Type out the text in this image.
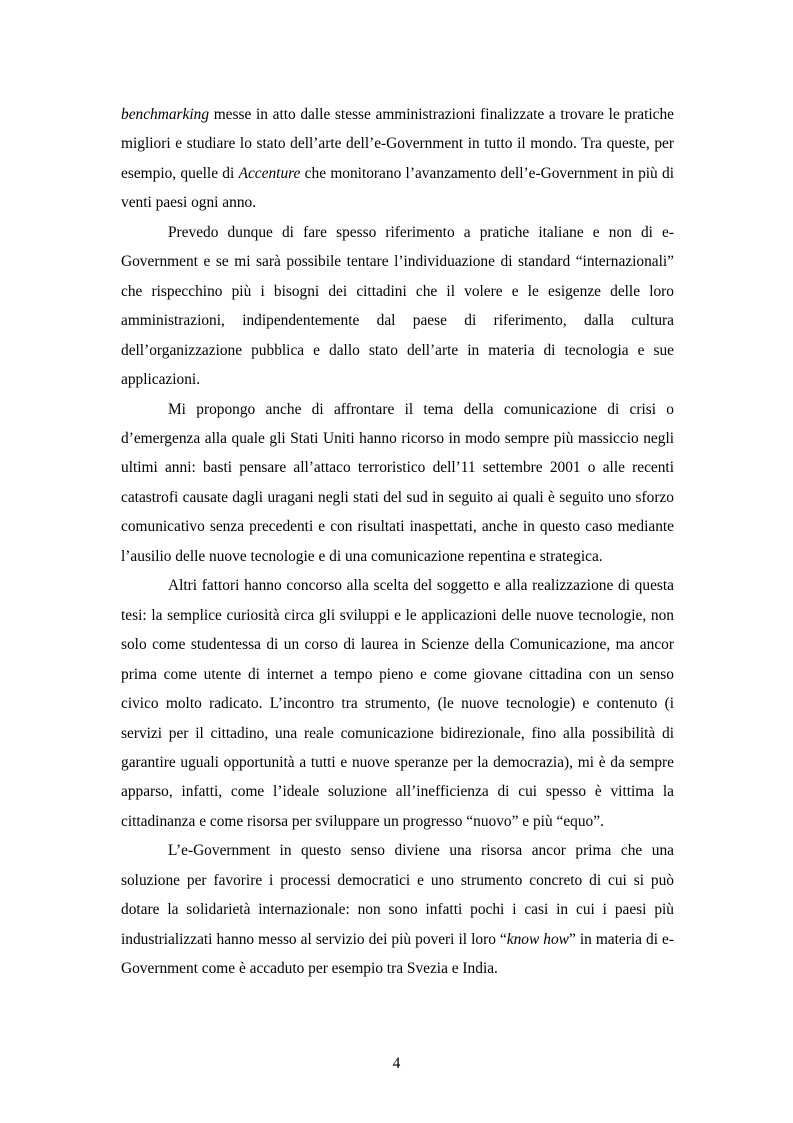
benchmarking messe in atto dalle stesse amministrazioni finalizzate a trovare le pratiche migliori e studiare lo stato dell’arte dell’e-Government in tutto il mondo. Tra queste, per esempio, quelle di Accenture che monitorano l’avanzamento dell’e-Government in più di venti paesi ogni anno.

Prevedo dunque di fare spesso riferimento a pratiche italiane e non di e-Government e se mi sarà possibile tentare l’individuazione di standard “internazionali” che rispecchino più i bisogni dei cittadini che il volere e le esigenze delle loro amministrazioni, indipendentemente dal paese di riferimento, dalla cultura dell’organizzazione pubblica e dallo stato dell’arte in materia di tecnologia e sue applicazioni.

Mi propongo anche di affrontare il tema della comunicazione di crisi o d’emergenza alla quale gli Stati Uniti hanno ricorso in modo sempre più massiccio negli ultimi anni: basti pensare all’attaco terroristico dell’11 settembre 2001 o alle recenti catastrofi causate dagli uragani negli stati del sud in seguito ai quali è seguito uno sforzo comunicativo senza precedenti e con risultati inaspettati, anche in questo caso mediante l’ausilio delle nuove tecnologie e di una comunicazione repentina e strategica.

Altri fattori hanno concorso alla scelta del soggetto e alla realizzazione di questa tesi: la semplice curiosità circa gli sviluppi e le applicazioni delle nuove tecnologie, non solo come studentessa di un corso di laurea in Scienze della Comunicazione, ma ancor prima come utente di internet a tempo pieno e come giovane cittadina con un senso civico molto radicato. L’incontro tra strumento, (le nuove tecnologie) e contenuto (i servizi per il cittadino, una reale comunicazione bidirezionale, fino alla possibilità di garantire uguali opportunità a tutti e nuove speranze per la democrazia), mi è da sempre apparso, infatti, come l’ideale soluzione all’inefficienza di cui spesso è vittima la cittadinanza e come risorsa per sviluppare un progresso “nuovo” e più “equo”.

L’e-Government in questo senso diviene una risorsa ancor prima che una soluzione per favorire i processi democratici e uno strumento concreto di cui si può dotare la solidarietà internazionale: non sono infatti pochi i casi in cui i paesi più industrializzati hanno messo al servizio dei più poveri il loro “know how” in materia di e-Government come è accaduto per esempio tra Svezia e India.

4
